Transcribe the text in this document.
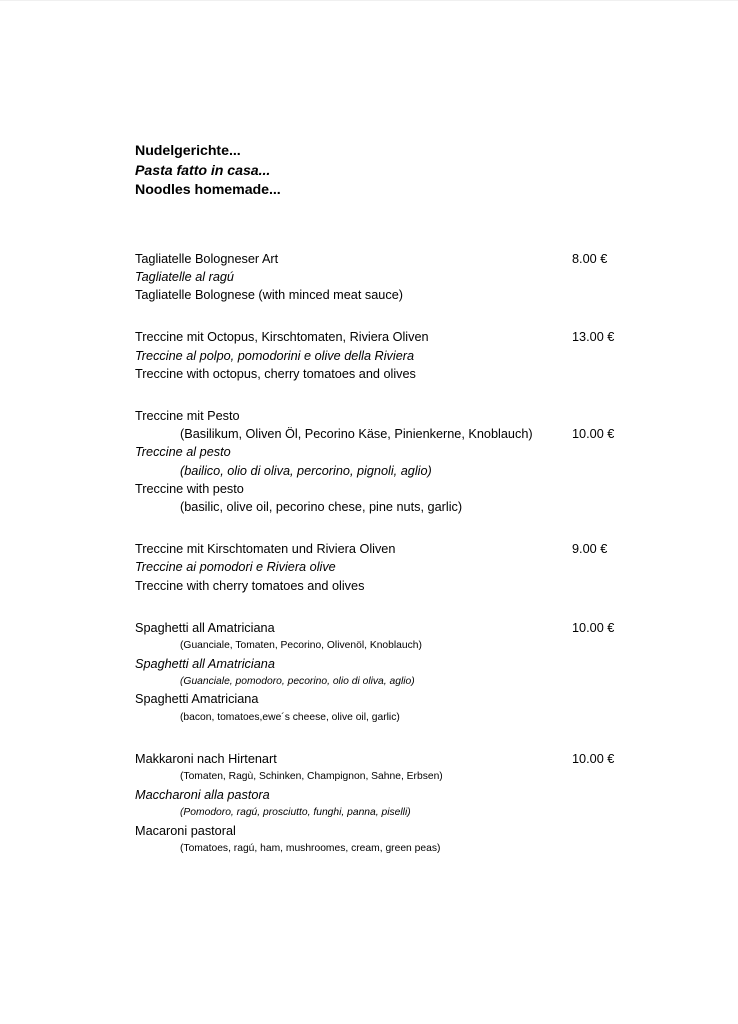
Nudelgerichte...
Pasta fatto in casa...
Noodles homemade...
Tagliatelle Bologneser Art	8.00 €
Tagliatelle al ragú
Tagliatelle Bolognese (with minced meat sauce)
Treccine mit Octopus, Kirschtomaten, Riviera Oliven	13.00 €
Treccine al polpo, pomodorini e olive della Riviera
Treccine with octopus, cherry tomatoes and olives
Treccine mit Pesto
(Basilikum, Oliven Öl, Pecorino Käse, Pinienkerne, Knoblauch)	10.00 €
Treccine al pesto
(bailico, olio di oliva, percorino, pignoli, aglio)
Treccine with pesto
(basilic, olive oil, pecorino chese, pine nuts, garlic)
Treccine mit Kirschtomaten und Riviera Oliven	9.00 €
Treccine ai pomodori e Riviera olive
Treccine with cherry tomatoes and olives
Spaghetti all Amatriciana	10.00 €
(Guanciale, Tomaten, Pecorino, Olivenöl, Knoblauch)
Spaghetti all Amatriciana
(Guanciale, pomodoro, pecorino, olio di oliva, aglio)
Spaghetti Amatriciana
(bacon, tomatoes,ewe´s cheese, olive oil, garlic)
Makkaroni nach Hirtenart	10.00 €
(Tomaten, Ragù, Schinken, Champignon, Sahne, Erbsen)
Maccharoni alla pastora
(Pomodoro, ragú, prosciutto, funghi, panna, piselli)
Macaroni pastoral
(Tomatoes, ragú, ham, mushroomes, cream, green peas)
